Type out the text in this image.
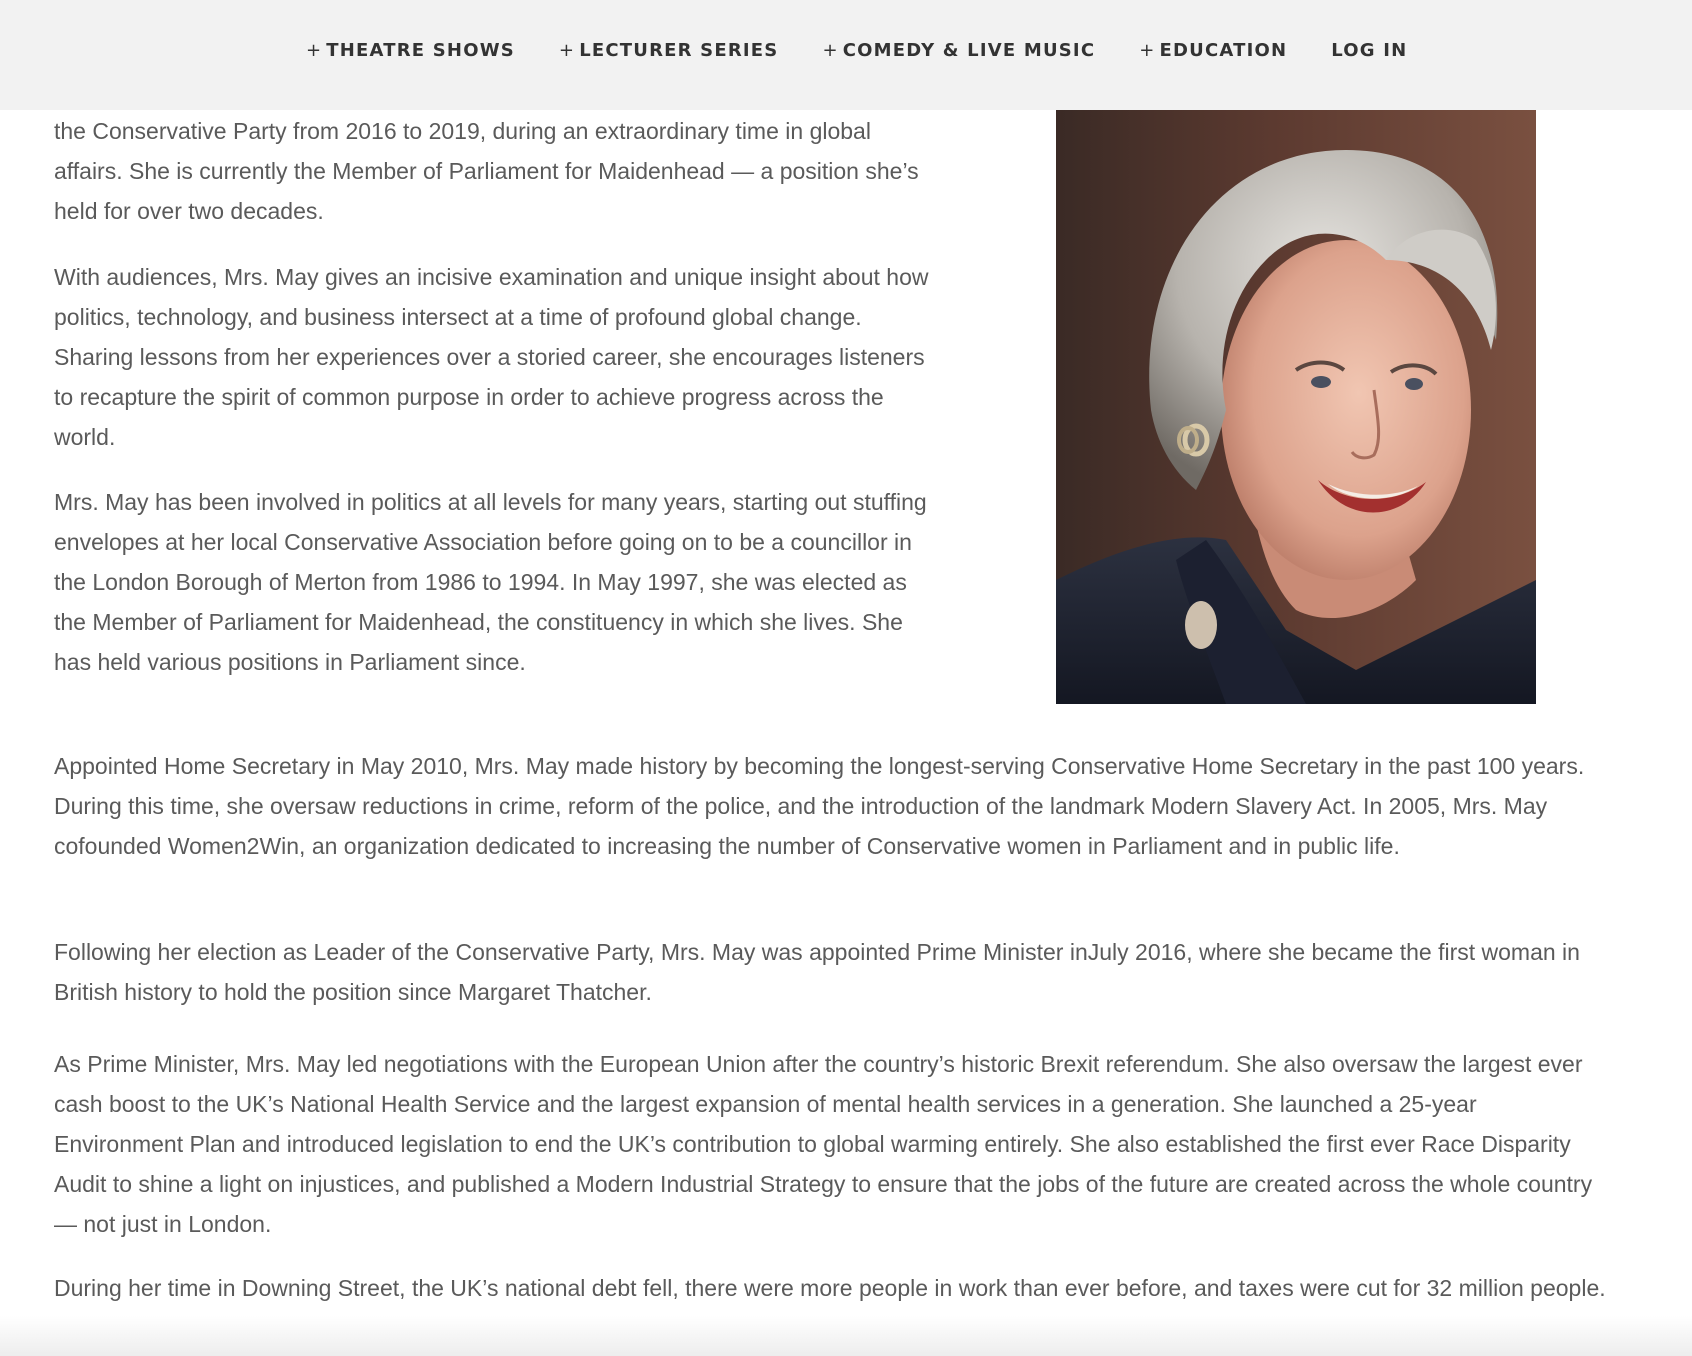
+ THEATRE SHOWS + LECTURER SERIES + COMEDY & LIVE MUSIC + EDUCATION LOG IN

the Conservative Party from 2016 to 2019, during an extraordinary time in global affairs. She is currently the Member of Parliament for Maidenhead — a position she’s held for over two decades.

With audiences, Mrs. May gives an incisive examination and unique insight about how politics, technology, and business intersect at a time of profound global change. Sharing lessons from her experiences over a storied career, she encourages listeners to recapture the spirit of common purpose in order to achieve progress across the world.

Mrs. May has been involved in politics at all levels for many years, starting out stuffing envelopes at her local Conservative Association before going on to be a councillor in the London Borough of Merton from 1986 to 1994. In May 1997, she was elected as the Member of Parliament for Maidenhead, the constituency in which she lives. She has held various positions in Parliament since.

Appointed Home Secretary in May 2010, Mrs. May made history by becoming the longest-serving Conservative Home Secretary in the past 100 years. During this time, she oversaw reductions in crime, reform of the police, and the introduction of the landmark Modern Slavery Act. In 2005, Mrs. May cofounded Women2Win, an organization dedicated to increasing the number of Conservative women in Parliament and in public life.

Following her election as Leader of the Conservative Party, Mrs. May was appointed Prime Minister inJuly 2016, where she became the first woman in British history to hold the position since Margaret Thatcher.

As Prime Minister, Mrs. May led negotiations with the European Union after the country’s historic Brexit referendum. She also oversaw the largest ever cash boost to the UK’s National Health Service and the largest expansion of mental health services in a generation. She launched a 25-year Environment Plan and introduced legislation to end the UK’s contribution to global warming entirely. She also established the first ever Race Disparity Audit to shine a light on injustices, and published a Modern Industrial Strategy to ensure that the jobs of the future are created across the whole country — not just in London.

During her time in Downing Street, the UK’s national debt fell, there were more people in work than ever before, and taxes were cut for 32 million people.
